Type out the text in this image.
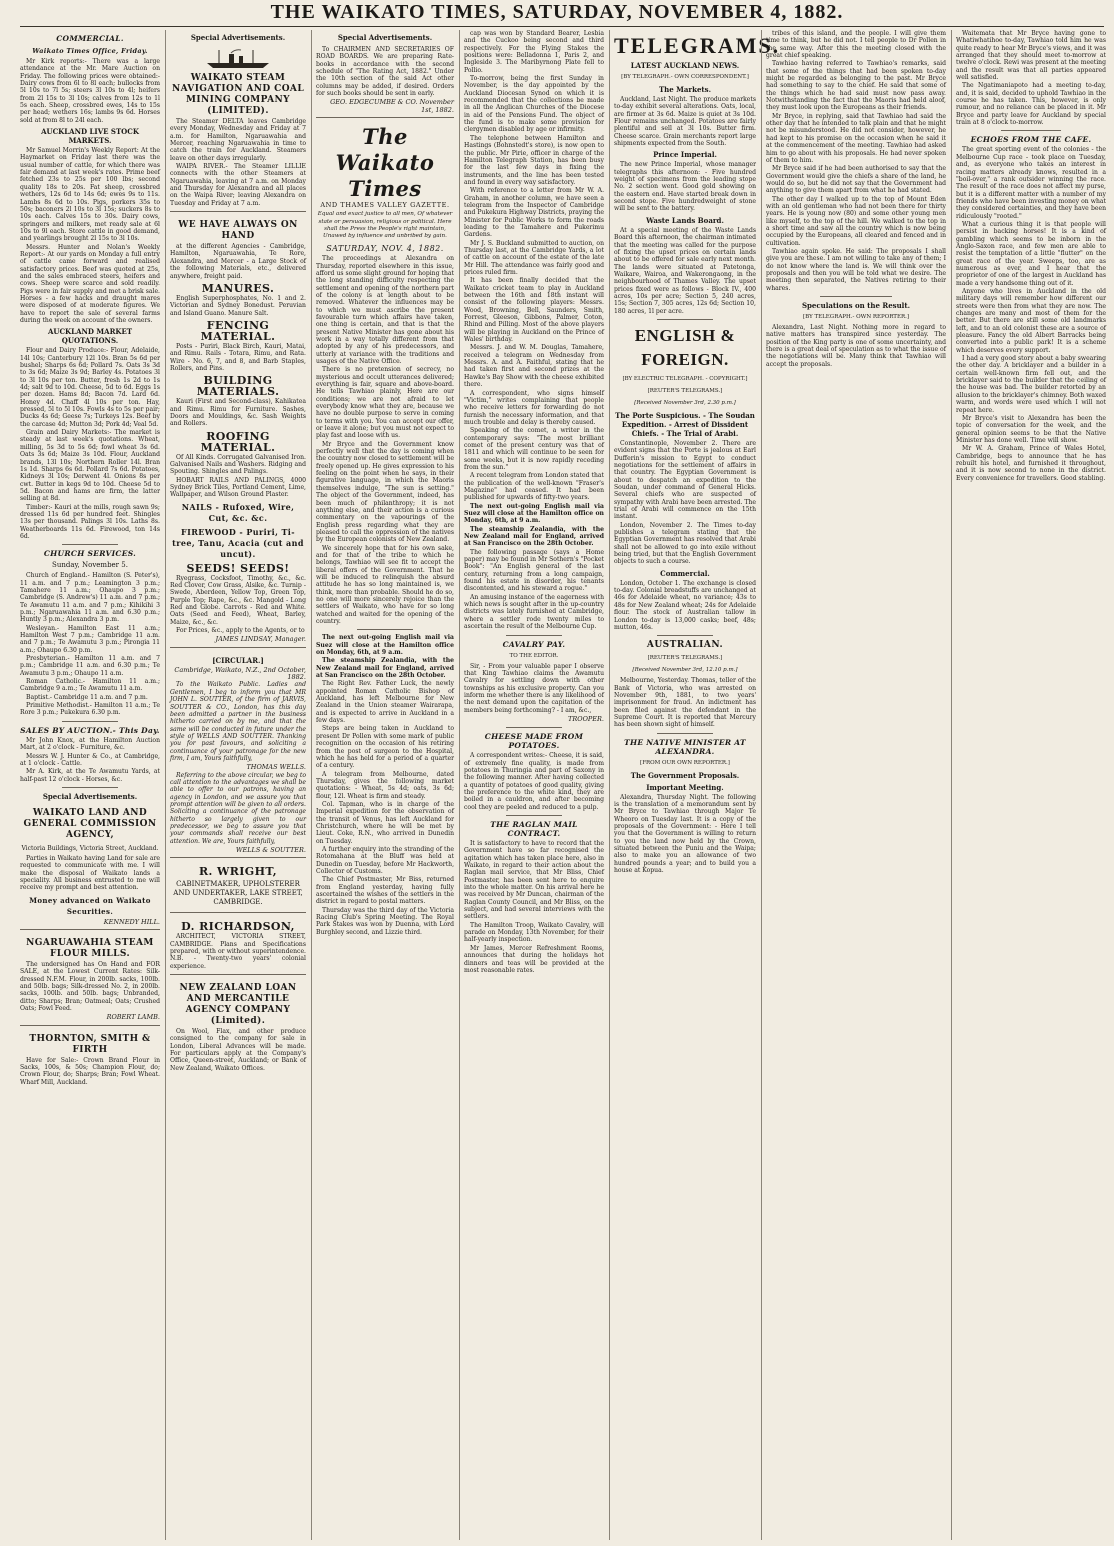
THE WAIKATO TIMES, SATURDAY, NOVEMBER 4, 1882.
COMMERCIAL.
Waikato Times Office, Friday.

Mr Kirk reports:- There was a large attendance at the Mr. Mare Auction on Friday. The following prices were obtained:- Dairy cows from 6l to 8l each; bullocks from 5l 10s to 7l 5s; steers 3l 10s to 4l; heifers from 2l 15s to 3l 10s; calves from 12s to 1l 5s each. Sheep, crossbred ewes, 14s to 15s per head; wethers 16s; lambs 9s 6d. Horses sold at from 8l to 24l each.

AUCKLAND LIVE STOCK MARKETS.

Mr Samuel Morrin's Weekly Report: At the Haymarket on Friday last there was the usual number of cattle, for which there was fair demand at last week's rates. Prime beef fetched 23s to 25s per 100 lbs; second quality 18s to 20s. Fat sheep, crossbred wethers, 12s 6d to 14s 6d; ewes 9s to 11s. Lambs 8s 6d to 10s. Pigs, porkers 35s to 50s; baconers 2l 10s to 3l 15s; suckers 8s to 10s each. Calves 15s to 30s. Dairy cows, springers and milkers, met ready sale at 6l 10s to 9l each. Store cattle in good demand, and yearlings brought 2l 15s to 3l 10s.

Messrs. Hunter and Nolan's Weekly Report:- At our yards on Monday a full entry of cattle came forward and realised satisfactory prices. Beef was quoted at 25s, and the sales embraced steers, heifers and cows. Sheep were scarce and sold readily. Pigs were in fair supply and met a brisk sale. Horses - a few hacks and draught mares were disposed of at moderate figures. We have to report the sale of several farms during the week on account of the owners.

AUCKLAND MARKET QUOTATIONS.

Flour and Dairy Produce:- Flour, Adelaide, 14l 10s; Canterbury 12l 10s. Bran 5s 6d per bushel; Sharps 6s 6d; Pollard 7s. Oats 3s 3d to 3s 6d; Maize 3s 9d; Barley 4s. Potatoes 3l to 3l 10s per ton. Butter, fresh 1s 2d to 1s 4d; salt 9d to 10d. Cheese, 5d to 6d. Eggs 1s per dozen. Hams 8d; Bacon 7d. Lard 6d. Honey 4d. Chaff 4l 10s per ton. Hay, pressed, 5l to 5l 10s. Fowls 4s to 5s per pair; Ducks 4s 6d; Geese 7s; Turkeys 12s. Beef by the carcase 4d; Mutton 3d; Pork 4d; Veal 5d.

Grain and Dairy Markets:- The market is steady at last week's quotations. Wheat, milling, 5s 3d to 5s 6d; fowl wheat 3s 6d. Oats 3s 6d; Maize 3s 10d. Flour, Auckland brands, 13l 10s; Northern Roller 14l. Bran 1s 1d. Sharps 6s 6d. Pollard 7s 6d. Potatoes, Kidneys 3l 10s; Derwent 4l. Onions 8s per cwt. Butter in kegs 9d to 10d. Cheese 5d to 5d. Bacon and hams are firm, the latter selling at 8d.

Timber:- Kauri at the mills, rough sawn 9s; dressed 11s 6d per hundred feet. Shingles 13s per thousand. Palings 3l 10s. Laths 8s. Weatherboards 11s 6d. Firewood, ton 14s 6d.

CHURCH SERVICES.
Sunday, November 5.

Church of England.- Hamilton (S. Peter's), 11 a.m. and 7 p.m.; Leamington 3 p.m.; Tamahere 11 a.m.; Ohaupo 3 p.m.; Cambridge (S. Andrew's) 11 a.m. and 7 p.m.; Te Awamutu 11 a.m. and 7 p.m.; Kihikihi 3 p.m.; Ngaruawahia 11 a.m. and 6.30 p.m.; Huntly 3 p.m.; Alexandra 3 p.m.

Wesleyan.- Hamilton East 11 a.m.; Hamilton West 7 p.m.; Cambridge 11 a.m. and 7 p.m.; Te Awamutu 3 p.m.; Pirongia 11 a.m.; Ohaupo 6.30 p.m.

Presbyterian.- Hamilton 11 a.m. and 7 p.m.; Cambridge 11 a.m. and 6.30 p.m.; Te Awamutu 3 p.m.; Ohaupo 11 a.m.

Roman Catholic.- Hamilton 11 a.m.; Cambridge 9 a.m.; Te Awamutu 11 a.m.

Baptist.- Cambridge 11 a.m. and 7 p.m.

Primitive Methodist.- Hamilton 11 a.m.; Te Rore 3 p.m.; Pukekura 6.30 p.m.

SALES BY AUCTION.- This Day.

Mr John Knox, at the Hamilton Auction Mart, at 2 o'clock - Furniture, &c.

Messrs W. J. Hunter & Co., at Cambridge, at 1 o'clock - Cattle.

Mr A. Kirk, at the Te Awamutu Yards, at half-past 12 o'clock - Horses, &c.

Special Advertisements.
WAIKATO LAND AND GENERAL COMMISSION AGENCY,
Victoria Buildings, Victoria Street, Auckland.

Parties in Waikato having Land for sale are requested to communicate with me. I will make the disposal of Waikato lands a speciality. All business entrusted to me will receive my prompt and best attention.

Money advanced on Waikato Securities.
KENNEDY HILL.
NGARUAWAHIA STEAM FLOUR MILLS.

The undersigned has On Hand and FOR SALE, at the Lowest Current Rates: Silk-dressed N.F.M. Flour, in 200lb. sacks, 100lb. and 50lb. bags; Silk-dressed No. 2, in 200lb. sacks, 100lb. and 50lb. bags; Unbranded, ditto; Sharps; Bran; Oatmeal; Oats; Crushed Oats; Fowl Feed.

ROBERT LAMB.
THORNTON, SMITH & FIRTH

Have for Sale:- Crown Brand Flour in Sacks, 100s, & 50s; Champion Flour, do; Crown Flour, do; Sharps; Bran; Fowl Wheat. Wharf Mill, Auckland.

Special Advertisements.
WAIKATO STEAM NAVIGATION AND COAL MINING COMPANY (LIMITED).

The Steamer DELTA leaves Cambridge every Monday, Wednesday and Friday at 7 a.m. for Hamilton, Ngaruawahia and Mercer, reaching Ngaruawahia in time to catch the train for Auckland. Steamers leave on other days irregularly.

WAIPA RIVER.- The Steamer LILLIE connects with the other Steamers at Ngaruawahia, leaving at 7 a.m. on Monday and Thursday for Alexandra and all places on the Waipa River; leaving Alexandra on Tuesday and Friday at 7 a.m.

WE HAVE ALWAYS ON HAND

at the different Agencies - Cambridge, Hamilton, Ngaruawahia, Te Rore, Alexandra, and Mercer - a Large Stock of the following Materials, etc., delivered anywhere, freight paid.

MANURES.

English Superphosphates, No. 1 and 2. Victorian and Sydney Bonedust. Peruvian and Island Guano. Manure Salt.

FENCING MATERIAL.

Posts - Puriri, Black Birch, Kauri, Matai, and Rimu. Rails - Totara, Rimu, and Rata. Wire - No. 6, 7, and 8, and Barb Staples, Rollers, and Pins.

BUILDING MATERIALS.

Kauri (First and Second-class), Kahikatea and Rimu. Rimu for Furniture. Sashes, Doors and Mouldings, &c. Sash Weights and Rollers.

ROOFING MATERIAL.

Of All Kinds. Corrugated Galvanised Iron. Galvanised Nails and Washers. Ridging and Spouting. Shingles and Palings.

HOBART RAILS AND PALINGS, 4000 Sydney Brick Tiles, Portland Cement, Lime, Wallpaper, and Wilson Ground Plaster.

NAILS - Rufoxed, Wire, Cut, &c. &c.
FIREWOOD - Puriri, Ti-tree, Tanu, Acacia (cut and uncut).
SEEDS! SEEDS!

Ryegrass, Cocksfoot, Timothy, &c., &c. Red Clover, Cow Grass, Alsike, &c. Turnip - Swede, Aberdeen, Yellow Top, Green Top, Purple Top; Rape, &c., &c. Mangold - Long Red and Globe. Carrots - Red and White. Oats (Seed and Feed), Wheat, Barley, Maize, &c., &c.

For Prices, &c., apply to the Agents, or to

JAMES LINDSAY, Manager.
[CIRCULAR.]
Cambridge, Waikato, N.Z., 2nd October, 1882.

To the Waikato Public. Ladies and Gentlemen, I beg to inform you that MR JOHN L. SOUTTER, of the firm of JARVIS, SOUTTER & CO., London, has this day been admitted a partner in the business hitherto carried on by me, and that the same will be conducted in future under the style of WELLS AND SOUTTER. Thanking you for past favours, and soliciting a continuance of your patronage for the new firm, I am, Yours faithfully,

THOMAS WELLS.

Referring to the above circular, we beg to call attention to the advantages we shall be able to offer to our patrons, having an agency in London, and we assure you that prompt attention will be given to all orders. Soliciting a continuance of the patronage hitherto so largely given to our predecessor, we beg to assure you that your commands shall receive our best attention. We are, Yours faithfully,

WELLS & SOUTTER.
R. WRIGHT,
CABINETMAKER, UPHOLSTERER AND UNDERTAKER, LAKE STREET, CAMBRIDGE.
D. RICHARDSON,

ARCHITECT, VICTORIA STREET, CAMBRIDGE. Plans and Specifications prepared, with or without superintendence. N.B. - Twenty-two years' colonial experience.

NEW ZEALAND LOAN AND MERCANTILE AGENCY COMPANY (Limited).

On Wool, Flax, and other produce consigned to the company for sale in London, Liberal Advances will be made. For particulars apply at the Company's Office, Queen-street, Auckland; or Bank of New Zealand, Waikato Offices.

Special Advertisements.

To CHAIRMEN AND SECRETARIES OF ROAD BOARDS. We are preparing Rate-books in accordance with the second schedule of "The Rating Act, 1882." Under the 10th section of the said Act other columns may be added, if desired. Orders for such books should be sent in early.

GEO. EDGECUMBE & CO. November 1st, 1882.
The Waikato Times
AND THAMES VALLEY GAZETTE.

Equal and exact justice to all men, Of whatever state or persuasion, religious or political. Here shall the Press the People's right maintain, Unawed by influence and unbribed by gain.

SATURDAY, NOV. 4, 1882.

The proceedings at Alexandra on Thursday, reported elsewhere in this issue, afford us some slight ground for hoping that the long standing difficulty respecting the settlement and opening of the northern part of the colony is at length about to be removed. Whatever the influences may be to which we must ascribe the present favourable turn which affairs have taken, one thing is certain, and that is that the present Native Minister has gone about his work in a way totally different from that adopted by any of his predecessors, and utterly at variance with the traditions and usages of the Native Office.

There is no pretension of secrecy, no mysterious and occult utterances delivered; everything is fair, square and above-board. He tells Tawhiao plainly, Here are our conditions; we are not afraid to let everybody know what they are, because we have no double purpose to serve in coming to terms with you. You can accept our offer, or leave it alone; but you must not expect to play fast and loose with us.

Mr Bryce and the Government know perfectly well that the day is coming when the country now closed to settlement will be freely opened up. He gives expression to his feeling on the point when he says, in their figurative language, in which the Maoris themselves indulge, "The sun is setting." The object of the Government, indeed, has been much of philanthropy; it is not anything else, and their action is a curious commentary on the vapourings of the English press regarding what they are pleased to call the oppression of the natives by the European colonists of New Zealand.

We sincerely hope that for his own sake, and for that of the tribe to which he belongs, Tawhiao will see fit to accept the liberal offers of the Government. That he will be induced to relinquish the absurd attitude he has so long maintained is, we think, more than probable. Should he do so, no one will more sincerely rejoice than the settlers of Waikato, who have for so long watched and waited for the opening of the country.

The next out-going English mail via Suez will close at the Hamilton office on Monday, 6th, at 9 a.m.

The steamship Zealandia, with the New Zealand mail for England, arrived at San Francisco on the 28th October.

The Right Rev. Father Luck, the newly appointed Roman Catholic Bishop of Auckland, has left Melbourne for New Zealand in the Union steamer Wairarapa, and is expected to arrive in Auckland in a few days.

Steps are being taken in Auckland to present Dr Pollen with some mark of public recognition on the occasion of his retiring from the post of surgeon to the Hospital, which he has held for a period of a quarter of a century.

A telegram from Melbourne, dated Thursday, gives the following market quotations: - Wheat, 5s 4d; oats, 3s 6d; flour, 12l. Wheat is firm and steady.

Col. Tapman, who is in charge of the Imperial expedition for the observation of the transit of Venus, has left Auckland for Christchurch, where he will be met by Lieut. Coke, R.N., who arrived in Dunedin on Tuesday.

A further enquiry into the stranding of the Rotomahana at the Bluff was held at Dunedin on Tuesday, before Mr Hackworth, Collector of Customs.

The Chief Postmaster, Mr Biss, returned from England yesterday, having fully ascertained the wishes of the settlers in the district in regard to postal matters.

Thursday was the third day of the Victoria Racing Club's Spring Meeting. The Royal Park Stakes was won by Duenna, with Lord Burghley second, and Lizzie third.

cap was won by Standard Bearer, Lesbia and the Cuckoo being second and third respectively. For the Flying Stakes the positions were: Belladonna 1, Paris 2, and Ingleside 3. The Maribyrnong Plate fell to Pollio.

To-morrow, being the first Sunday in November, is the day appointed by the Auckland Diocesan Synod on which it is recommended that the collections be made in all the Anglican Churches of the Diocese in aid of the Pensions Fund. The object of the fund is to make some provision for clergymen disabled by age or infirmity.

The telephone between Hamilton and Hastings (Bohnstedt's store), is now open to the public. Mr Pirie, officer in charge of the Hamilton Telegraph Station, has been busy for the last few days in fixing the instruments, and the line has been tested and found in every way satisfactory.

With reference to a letter from Mr W. A. Graham, in another column, we have seen a telegram from the Inspector of Cambridge and Pukekura Highway Districts, praying the Minister for Public Works to form the roads leading to the Tamahere and Pukerimu Gardens.

Mr J. S. Buckland submitted to auction, on Thursday last, at the Cambridge Yards, a lot of cattle on account of the estate of the late Mr Hill. The attendance was fairly good and prices ruled firm.

It has been finally decided that the Waikato cricket team to play in Auckland between the 16th and 18th instant will consist of the following players: Messrs. Wood, Browning, Bell, Saunders, Smith, Forrest, Gleeson, Gibbons, Palmer, Coton, Rhind and Pilling. Most of the above players will be playing in Auckland on the Prince of Wales' birthday.

Messrs. J. and W. M. Douglas, Tamahere, received a telegram on Wednesday from Messrs. A. and A. Faithful, stating that he had taken first and second prizes at the Hawke's Bay Show with the cheese exhibited there.

A correspondent, who signs himself "Victim," writes complaining that people who receive letters for forwarding do not furnish the necessary information, and that much trouble and delay is thereby caused.

Speaking of the comet, a writer in the contemporary says: "The most brilliant comet of the present century was that of 1811 and which will continue to be seen for some weeks, but it is now rapidly receding from the sun."

A recent telegram from London stated that the publication of the well-known "Fraser's Magazine" had ceased. It had been published for upwards of fifty-two years.

The next out-going English mail via Suez will close at the Hamilton office on Monday, 6th, at 9 a.m.

The steamship Zealandia, with the New Zealand mail for England, arrived at San Francisco on the 28th October.

The following passage (says a Home paper) may be found in Mr Sothern's "Pocket Book": "An English general of the last century, returning from a long campaign, found his estate in disorder, his tenants discontented, and his steward a rogue."

An amusing instance of the eagerness with which news is sought after in the up-country districts was lately furnished at Cambridge, where a settler rode twenty miles to ascertain the result of the Melbourne Cup.

CAVALRY PAY.
TO THE EDITOR.

Sir, - From your valuable paper I observe that King Tawhiao claims the Awamutu Cavalry for settling down with other townships as his exclusive property. Can you inform me whether there is any likelihood of the next demand upon the capitation of the members being forthcoming? - I am, &c.,

TROOPER.
CHEESE MADE FROM POTATOES.

A correspondent writes:- Cheese, it is said, of extremely fine quality, is made from potatoes in Thuringia and part of Saxony in the following manner. After having collected a quantity of potatoes of good quality, giving the preference to the white kind, they are boiled in a cauldron, and after becoming cool they are peeled and reduced to a pulp.

THE RAGLAN MAIL CONTRACT.

It is satisfactory to have to record that the Government have so far recognised the agitation which has taken place here, also in Waikato, in regard to their action about the Raglan mail service, that Mr Bliss, Chief Postmaster, has been sent here to enquire into the whole matter. On his arrival here he was received by Mr Duncan, chairman of the Raglan County Council, and Mr Bliss, on the subject, and had several interviews with the settlers.

The Hamilton Troop, Waikato Cavalry, will parade on Monday, 13th November, for their half-yearly inspection.

Mr James, Mercer Refreshment Rooms, announces that during the holidays hot dinners and teas will be provided at the most reasonable rates.

TELEGRAMS.
LATEST AUCKLAND NEWS.
[BY TELEGRAPH.- OWN CORRESPONDENT.]
The Markets.

Auckland, Last Night. The produce markets to-day exhibit several alterations. Oats, local, are firmer at 3s 6d. Maize is quiet at 3s 10d. Flour remains unchanged. Potatoes are fairly plentiful and sell at 3l 10s. Butter firm. Cheese scarce. Grain merchants report large shipments expected from the South.

Prince Imperial.

The new Prince Imperial, whose manager telegraphs this afternoon: - Five hundred weight of specimens from the leading stope No. 2 section went. Good gold showing on the eastern end. Have started break down in second stope. Five hundredweight of stone will be sent to the battery.

Waste Lands Board.

At a special meeting of the Waste Lands Board this afternoon, the chairman intimated that the meeting was called for the purpose of fixing the upset prices on certain lands about to be offered for sale early next month. The lands were situated at Patetonga, Waikare, Wairoa, and Wakerongaong, in the neighbourhood of Thames Valley. The upset prices fixed were as follows - Block IV., 400 acres, 10s per acre; Section 5, 240 acres, 15s; Section 7, 305 acres, 12s 6d; Section 10, 180 acres, 1l per acre.

ENGLISH & FOREIGN.
[BY ELECTRIC TELEGRAPH. - COPYRIGHT.]
[REUTER'S TELEGRAMS.]
[Received November 3rd, 2.30 p.m.]
The Porte Suspicious. - The Soudan Expedition. - Arrest of Dissident Chiefs. - The Trial of Arabi.

Constantinople, November 2. There are evident signs that the Porte is jealous at Earl Dufferin's mission to Egypt to conduct negotiations for the settlement of affairs in that country. The Egyptian Government is about to despatch an expedition to the Soudan, under command of General Hicks. Several chiefs who are suspected of sympathy with Arabi have been arrested. The trial of Arabi will commence on the 15th instant.

London, November 2. The Times to-day publishes a telegram stating that the Egyptian Government has resolved that Arabi shall not be allowed to go into exile without being tried, but that the English Government objects to such a course.

Commercial.

London, October 1. The exchange is closed to-day. Colonial breadstuffs are unchanged at 46s for Adelaide wheat, no variance; 43s to 48s for New Zealand wheat; 24s for Adelaide flour. The stock of Australian tallow in London to-day is 13,000 casks; beef, 48s; mutton, 46s.

AUSTRALIAN.
[REUTER'S TELEGRAMS.]
[Received November 3rd, 12.10 p.m.]

Melbourne, Yesterday. Thomas, teller of the Bank of Victoria, who was arrested on November 9th, 1881, to two years' imprisonment for fraud. An indictment has been filed against the defendant in the Supreme Court. It is reported that Mercury has been shown sight of himself.

THE NATIVE MINISTER AT ALEXANDRA.
[FROM OUR OWN REPORTER.]
The Government Proposals.
Important Meeting.

Alexandra, Thursday Night. The following is the translation of a memorandum sent by Mr Bryce to Tawhiao through Major Te Wheoro on Tuesday last. It is a copy of the proposals of the Government: - Here I tell you that the Government is willing to return to you the land now held by the Crown, situated between the Puniu and the Waipa; also to make you an allowance of two hundred pounds a year; and to build you a house at Kopua.

tribes of this island, and the people. I will give them time to think, but he did not. I tell people to Dr Pollen in the same way. After this the meeting closed with the great chief speaking.

Tawhiao having referred to Tawhiao's remarks, said that some of the things that had been spoken to-day might be regarded as belonging to the past. Mr Bryce had something to say to the chief. He said that some of the things which he had said must now pass away. Notwithstanding the fact that the Maoris had held aloof, they must look upon the Europeans as their friends.

Mr Bryce, in replying, said that Tawhiao had said the other day that he intended to talk plain and that he might not be misunderstood. He did not consider, however, he had kept to his promise on the occasion when he said it at the commencement of the meeting. Tawhiao had asked him to go about with his proposals. He had never spoken of them to him.

Mr Bryce said if he had been authorised to say that the Government would give the chiefs a share of the land, he would do so, but he did not say that the Government had anything to give them apart from what he had stated.

The other day I walked up to the top of Mount Eden with an old gentleman who had not been there for thirty years. He is young now (80) and some other young men like myself, to the top of the hill. We walked to the top in a short time and saw all the country which is now being occupied by the Europeans, all cleared and fenced and in cultivation.

Tawhiao again spoke. He said: The proposals I shall give you are these. I am not willing to take any of them; I do not know where the land is. We will think over the proposals and then you will be told what we desire. The meeting then separated, the Natives retiring to their whares.

Speculations on the Result.
[BY TELEGRAPH.- OWN REPORTER.]

Alexandra, Last Night. Nothing more in regard to native matters has transpired since yesterday. The position of the King party is one of some uncertainty, and there is a great deal of speculation as to what the issue of the negotiations will be. Many think that Tawhiao will accept the proposals.

Waitemata that Mr Bryce having gone to Whatiwhatihoe to-day, Tawhiao told him he was quite ready to hear Mr Bryce's views, and it was arranged that they should meet to-morrow at twelve o'clock. Rewi was present at the meeting and the result was that all parties appeared well satisfied.

The Ngatimaniapoto had a meeting to-day, and, it is said, decided to uphold Tawhiao in the course he has taken. This, however, is only rumour, and no reliance can be placed in it. Mr Bryce and party leave for Auckland by special train at 8 o'clock to-morrow.

ECHOES FROM THE CAFE.

The great sporting event of the colonies - the Melbourne Cup race - took place on Tuesday, and, as everyone who takes an interest in racing matters already knows, resulted in a "boil-over," a rank outsider winning the race. The result of the race does not affect my purse, but it is a different matter with a number of my friends who have been investing money on what they considered certainties, and they have been ridiculously "rooted."

What a curious thing it is that people will persist in backing horses! It is a kind of gambling which seems to be inborn in the Anglo-Saxon race, and few men are able to resist the temptation of a little "flutter" on the great race of the year. Sweeps, too, are as numerous as ever, and I hear that the proprietor of one of the largest in Auckland has made a very handsome thing out of it.

Anyone who lives in Auckland in the old military days will remember how different our streets were then from what they are now. The changes are many and most of them for the better. But there are still some old landmarks left, and to an old colonist these are a source of pleasure. Fancy the old Albert Barracks being converted into a public park! It is a scheme which deserves every support.

I had a very good story about a baby swearing the other day. A bricklayer and a builder in a certain well-known firm fell out, and the bricklayer said to the builder that the ceiling of the house was bad. The builder retorted by an allusion to the bricklayer's chimney. Both waxed warm, and words were used which I will not repeat here.

Mr Bryce's visit to Alexandra has been the topic of conversation for the week, and the general opinion seems to be that the Native Minister has done well. Time will show.

Mr W. A. Graham, Prince of Wales Hotel, Cambridge, begs to announce that he has rebuilt his hotel, and furnished it throughout, and it is now second to none in the district. Every convenience for travellers. Good stabling.
